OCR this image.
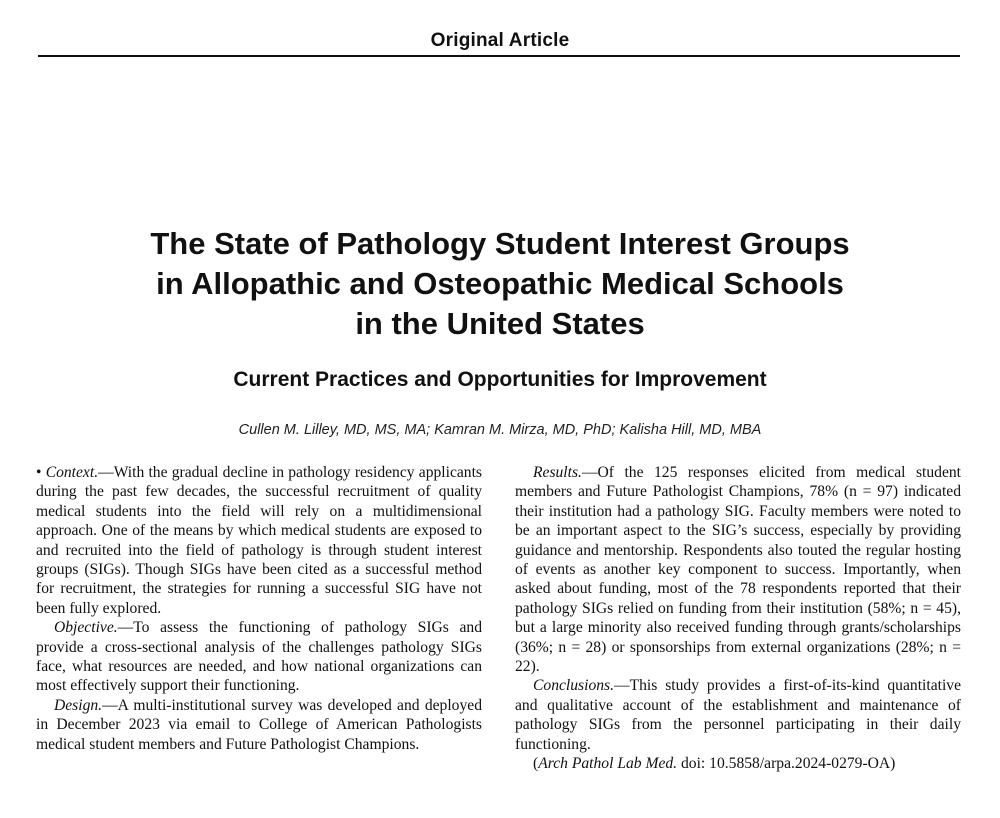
Original Article
The State of Pathology Student Interest Groups
in Allopathic and Osteopathic Medical Schools
in the United States
Current Practices and Opportunities for Improvement
Cullen M. Lilley, MD, MS, MA; Kamran M. Mirza, MD, PhD; Kalisha Hill, MD, MBA

• Context.—With the gradual decline in pathology residency applicants during the past few decades, the successful recruitment of quality medical students into the field will rely on a multidimensional approach. One of the means by which medical students are exposed to and recruited into the field of pathology is through student interest groups (SIGs). Though SIGs have been cited as a successful method for recruitment, the strategies for running a successful SIG have not been fully explored.

Objective.—To assess the functioning of pathology SIGs and provide a cross-sectional analysis of the challenges pathology SIGs face, what resources are needed, and how national organizations can most effectively support their functioning.

Design.—A multi-institutional survey was developed and deployed in December 2023 via email to College of American Pathologists medical student members and Future Pathologist Champions.

Results.—Of the 125 responses elicited from medical student members and Future Pathologist Champions, 78% (n = 97) indicated their institution had a pathology SIG. Faculty members were noted to be an important aspect to the SIG’s success, especially by providing guidance and mentorship. Respondents also touted the regular hosting of events as another key component to success. Importantly, when asked about funding, most of the 78 respondents reported that their pathology SIGs relied on funding from their institution (58%; n = 45), but a large minority also received funding through grants/scholarships (36%; n = 28) or sponsorships from external organizations (28%; n = 22).

Conclusions.—This study provides a first-of-its-kind quantitative and qualitative account of the establishment and maintenance of pathology SIGs from the personnel participating in their daily functioning.

(Arch Pathol Lab Med. doi: 10.5858/arpa.2024-0279-OA)
